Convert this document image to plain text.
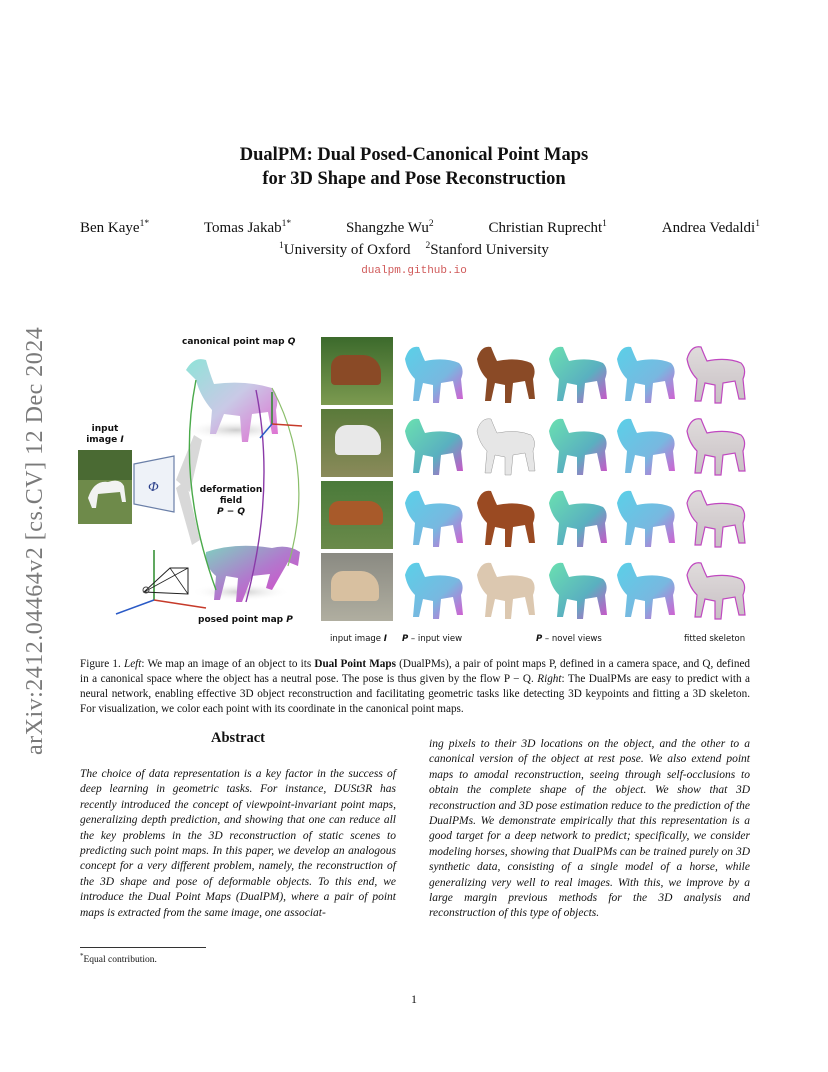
arXiv:2412.04464v2 [cs.CV] 12 Dec 2024
DualPM: Dual Posed-Canonical Point Maps
for 3D Shape and Pose Reconstruction
Ben Kaye$^{1*}$	Tomas Jakab$^{1*}$	Shangzhe Wu$^2$	Christian Ruprecht$^1$	Andrea Vedaldi$^1$
$^1$University of Oxford $^2$Stanford University
dualpm.github.io
canonical point map Q
input
image I
Φ	deformation
field
P − Q
posed point map P
input image I P – input view	P – novel views	fitted skeleton
Figure 1. Left: We map an image of an object to its Dual Point Maps (DualPMs), a pair of point maps P, defined in a camera space, and Q, defined in a canonical space where the object has a neutral pose. The pose is thus given by the flow P − Q. Right: The DualPMs are easy to predict with a neural network, enabling effective 3D object reconstruction and facilitating geometric tasks like detecting 3D keypoints and fitting a 3D skeleton. For visualization, we color each point with its coordinate in the canonical point maps.
Abstract
The choice of data representation is a key factor in the success of deep learning in geometric tasks. For instance, DUSt3R has recently introduced the concept of viewpoint-invariant point maps, generalizing depth prediction, and showing that one can reduce all the key problems in the 3D reconstruction of static scenes to predicting such point maps. In this paper, we develop an analogous concept for a very different problem, namely, the reconstruction of the 3D shape and pose of deformable objects. To this end, we introduce the Dual Point Maps (DualPM), where a pair of point maps is extracted from the same image, one associat-
ing pixels to their 3D locations on the object, and the other to a canonical version of the object at rest pose. We also extend point maps to amodal reconstruction, seeing through self-occlusions to obtain the complete shape of the object. We show that 3D reconstruction and 3D pose estimation reduce to the prediction of the DualPMs. We demonstrate empirically that this representation is a good target for a deep network to predict; specifically, we consider modeling horses, showing that DualPMs can be trained purely on 3D synthetic data, consisting of a single model of a horse, while generalizing very well to real images. With this, we improve by a large margin previous methods for the 3D analysis and reconstruction of this type of objects.
*Equal contribution.
1
